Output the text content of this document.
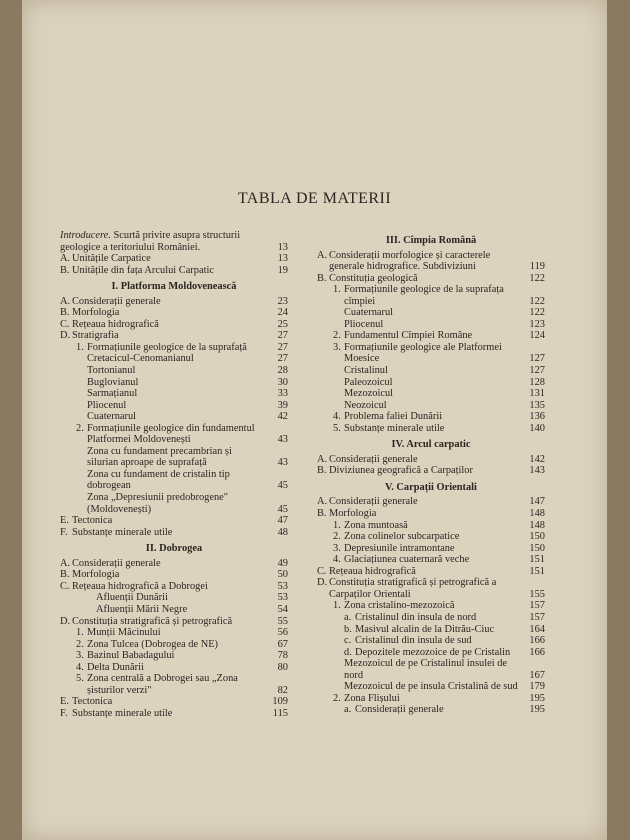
TABLA DE MATERII
Introducere. Scurtă privire asupra structurii geologice a teritoriului României.	13
A. Unitățile Carpatice	13
B. Unitățile din fața Arcului Carpatic	19
I. Platforma Moldovenească
A. Considerații generale	23
B. Morfologia	24
C. Rețeaua hidrografică	25
D. Stratigrafia	27
1. Formațiunile geologice de la suprafață	27
Cretacicul-Cenomanianul	27
Tortonianul	28
Buglovianul	30
Sarmațianul	33
Pliocenul	39
Cuaternarul	42
2. Formațiunile geologice din fundamentul Platformei Moldovenești	43
Zona cu fundament precambrian și silurian aproape de suprafață	43
Zona cu fundament de cristalin tip dobrogean	45
Zona „Depresiunii predobrogene" (Moldovenești)	45
E. Tectonica	47
F. Substanțe minerale utile	48
II. Dobrogea
A. Considerații generale	49
B. Morfologia	50
C. Rețeaua hidrografică a Dobrogei	53
Afluenții Dunării	53
Afluenții Mării Negre	54
D. Constituția stratigrafică și petrografică	55
1. Munții Măcinului	56
2. Zona Tulcea (Dobrogea de NE)	67
3. Bazinul Babadagului	78
4. Delta Dunării	80
5. Zona centrală a Dobrogei sau „Zona șisturilor verzi"	82
E. Tectonica	109
F. Substanțe minerale utile	115
III. Cîmpia Română
A. Considerații morfologice și caracterele generale hidrografice. Subdiviziuni	119
B. Constituția geologică	122
1. Formațiunile geologice de la suprafața cîmpiei	122
Cuaternarul	122
Pliocenul	123
2. Fundamentul Cîmpiei Române	124
3. Formațiunile geologice ale Platformei Moesice	127
Cristalinul	127
Paleozoicul	128
Mezozoicul	131
Neozoicul	135
4. Problema faliei Dunării	136
5. Substanțe minerale utile	140
IV. Arcul carpatic
A. Considerații generale	142
B. Diviziunea geografică a Carpaților	143
V. Carpații Orientali
A. Considerații generale	147
B. Morfologia	148
1. Zona muntoasă	148
2. Zona colinelor subcarpatice	150
3. Depresiunile intramontane	150
4. Glaciațiunea cuaternară veche	151
C. Rețeaua hidrografică	151
D. Constituția stratigrafică și petrografică a Carpaților Orientali	155
1. Zona cristalino-mezozoică	157
a. Cristalinul din insula de nord	157
b. Masivul alcalin de la Ditrău-Ciuc	164
c. Cristalinul din insula de sud	166
d. Depozitele mezozoice de pe Cristalin	166
Mezozoicul de pe Cristalinul insulei de nord	167
Mezozoicul de pe insula Cristalină de sud	179
2. Zona Flișului	195
a. Considerații generale	195
